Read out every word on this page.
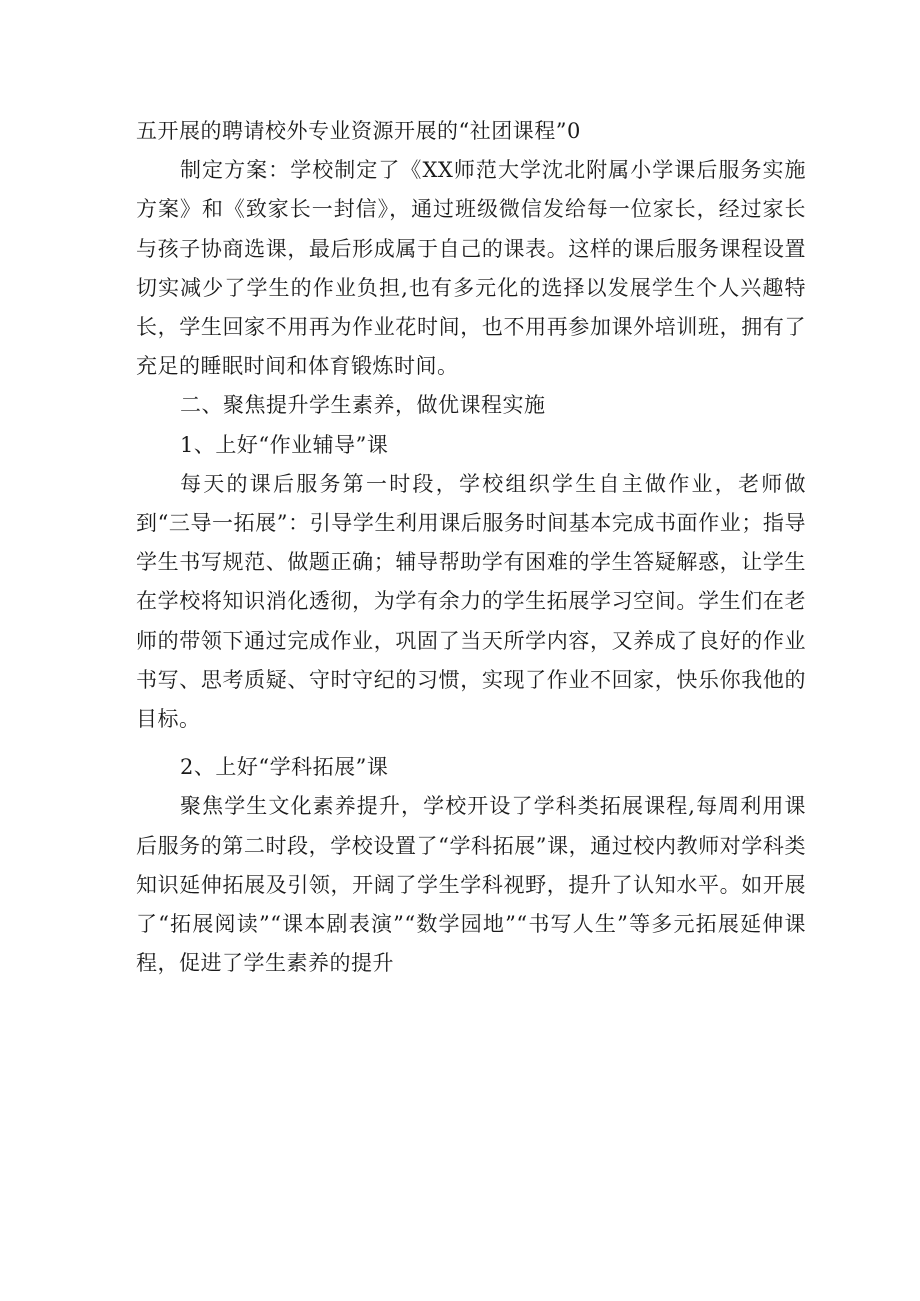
五开展的聘请校外专业资源开展的“社团课程”0

制定方案：学校制定了《XX师范大学沈北附属小学课后服务实施方案》和《致家长一封信》，通过班级微信发给每一位家长，经过家长与孩子协商选课，最后形成属于自己的课表。这样的课后服务课程设置切实减少了学生的作业负担,也有多元化的选择以发展学生个人兴趣特长，学生回家不用再为作业花时间，也不用再参加课外培训班，拥有了充足的睡眠时间和体育锻炼时间。

二、聚焦提升学生素养，做优课程实施

1、上好“作业辅导”课

每天的课后服务第一时段，学校组织学生自主做作业，老师做到“三导一拓展”：引导学生利用课后服务时间基本完成书面作业；指导学生书写规范、做题正确；辅导帮助学有困难的学生答疑解惑，让学生在学校将知识消化透彻，为学有余力的学生拓展学习空间。学生们在老师的带领下通过完成作业，巩固了当天所学内容，又养成了良好的作业书写、思考质疑、守时守纪的习惯，实现了作业不回家，快乐你我他的目标。

2、上好“学科拓展”课

聚焦学生文化素养提升，学校开设了学科类拓展课程,每周利用课后服务的第二时段，学校设置了“学科拓展”课，通过校内教师对学科类知识延伸拓展及引领，开阔了学生学科视野，提升了认知水平。如开展了“拓展阅读”“课本剧表演”“数学园地”“书写人生”等多元拓展延伸课程，促进了学生素养的提升
